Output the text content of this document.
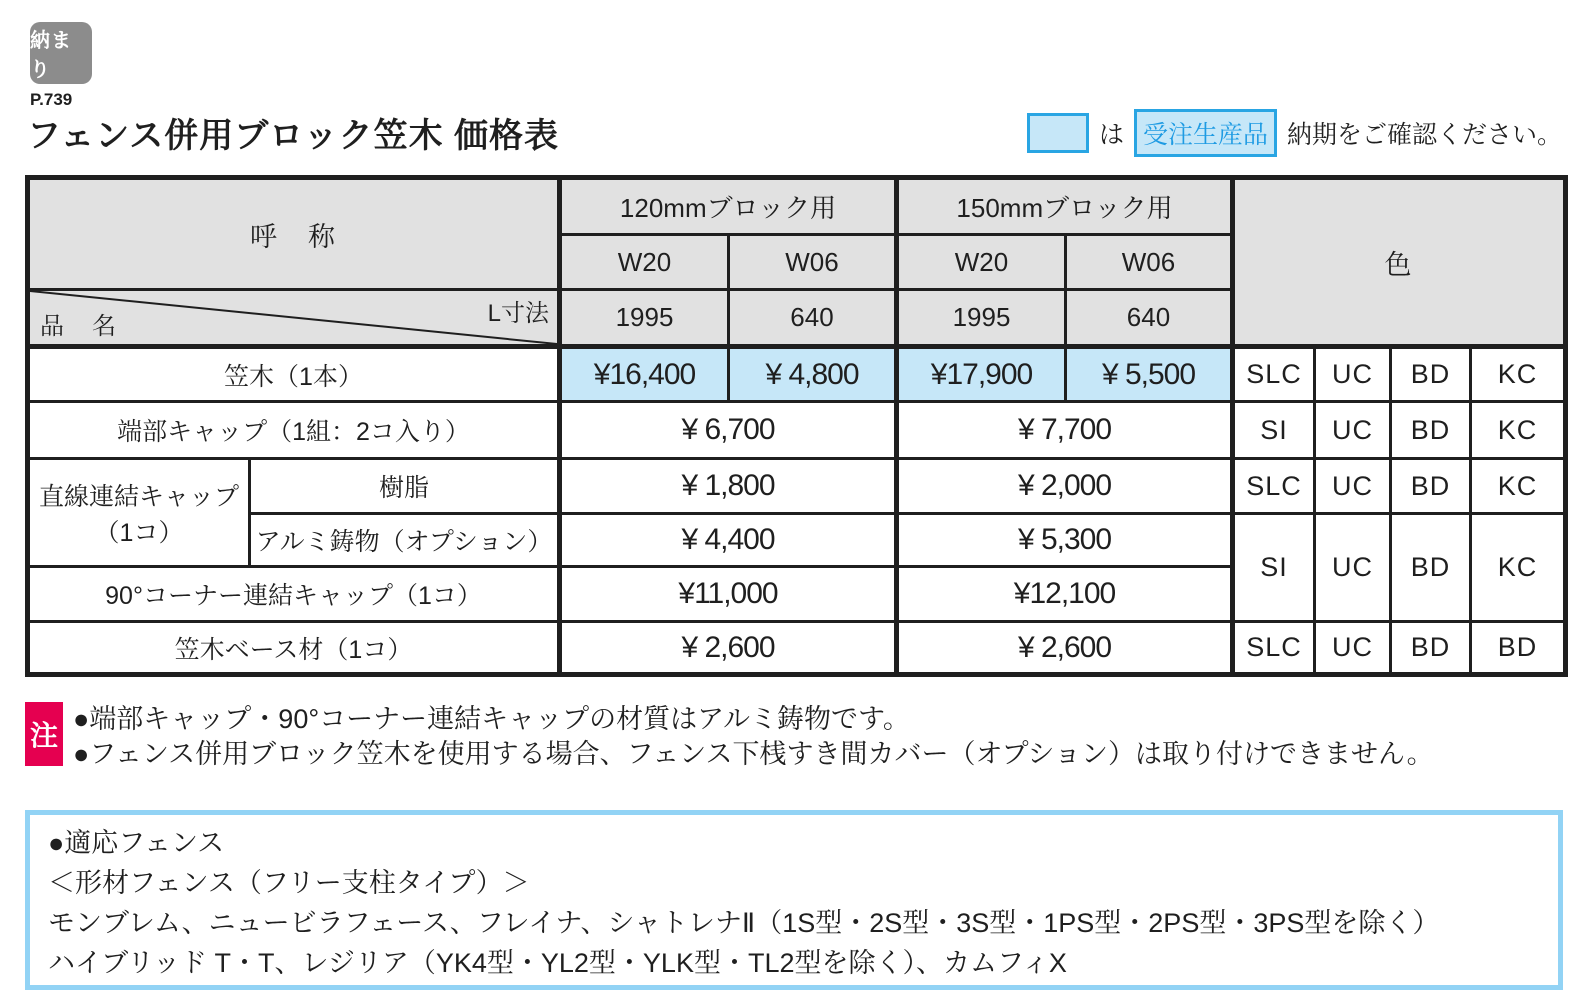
納まり
P.739
フェンス併用ブロック笠木 価格表	は 受注生産品 納期をご確認ください。
呼　称		120mmブロック用		150mmブロック用		色			
		W20	W06	W20	W06				

品　名 L寸法		1995	640	1995	640				
笠木（1本）		¥16,400	¥ 4,800	¥17,900	¥ 5,500	SLC	UC	BD	KC
端部キャップ（1組：2コ入り）		¥ 6,700		¥ 7,700		SI	UC	BD	KC
直線連結キャップ（1コ）	樹脂	¥ 1,800		¥ 2,000		SLC	UC	BD	KC
	アルミ鋳物（オプション）	¥ 4,400		¥ 5,300		SI	UC	BD	KC
90°コーナー連結キャップ（1コ）		¥11,000		¥12,100					
笠木ベース材（1コ）		¥ 2,600		¥ 2,600		SLC	UC	BD	BD
注
●端部キャップ・90°コーナー連結キャップの材質はアルミ鋳物です。
●フェンス併用ブロック笠木を使用する場合、フェンス下桟すき間カバー（オプション）は取り付けできません。
●適応フェンス
＜形材フェンス（フリー支柱タイプ）＞
モンブレム、ニュービラフェース、フレイナ、シャトレナⅡ（1S型・2S型・3S型・1PS型・2PS型・3PS型を除く）
ハイブリッド T・T、レジリア（YK4型・YL2型・YLK型・TL2型を除く）、カムフィX
